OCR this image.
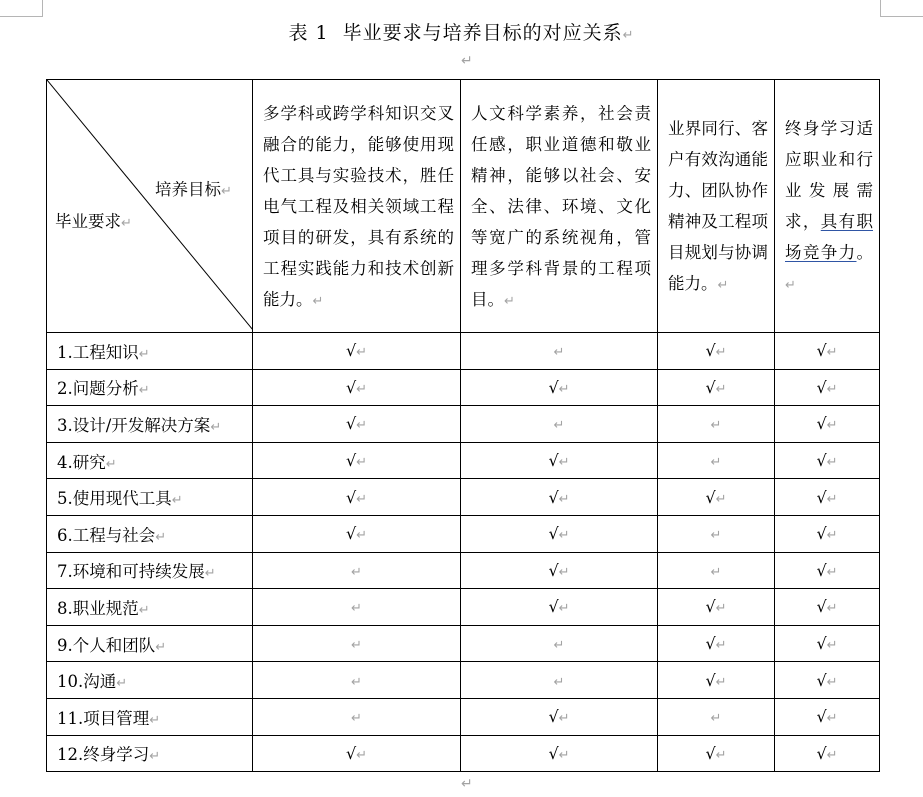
表 1 毕业要求与培养目标的对应关系↵
↵
培养目标↵
毕业要求↵	多学科或跨学科知识交叉融合的能力，能够使用现代工具与实验技术，胜任电气工程及相关领域工程项目的研发，具有系统的工程实践能力和技术创新能力。↵	人文科学素养，社会责任感，职业道德和敬业精神，能够以社会、安全、法律、环境、文化等宽广的系统视角，管理多学科背景的工程项目。↵	业界同行、客户有效沟通能力、团队协作精神及工程项目规划与协调能力。↵	终身学习适应职业和行业发展需求，具有职场竞争力。↵
1.工程知识↵	√↵	↵	√↵	√↵
2.问题分析↵	√↵	√↵	√↵	√↵
3.设计/开发解决方案↵	√↵	↵	↵	√↵
4.研究↵	√↵	√↵	↵	√↵
5.使用现代工具↵	√↵	√↵	√↵	√↵
6.工程与社会↵	√↵	√↵	↵	√↵
7.环境和可持续发展↵	↵	√↵	↵	√↵
8.职业规范↵	↵	√↵	√↵	√↵
9.个人和团队↵	↵	↵	√↵	√↵
10.沟通↵	↵	↵	√↵	√↵
11.项目管理↵	↵	√↵	↵	√↵
12.终身学习↵	√↵	√↵	√↵	√↵
↵
